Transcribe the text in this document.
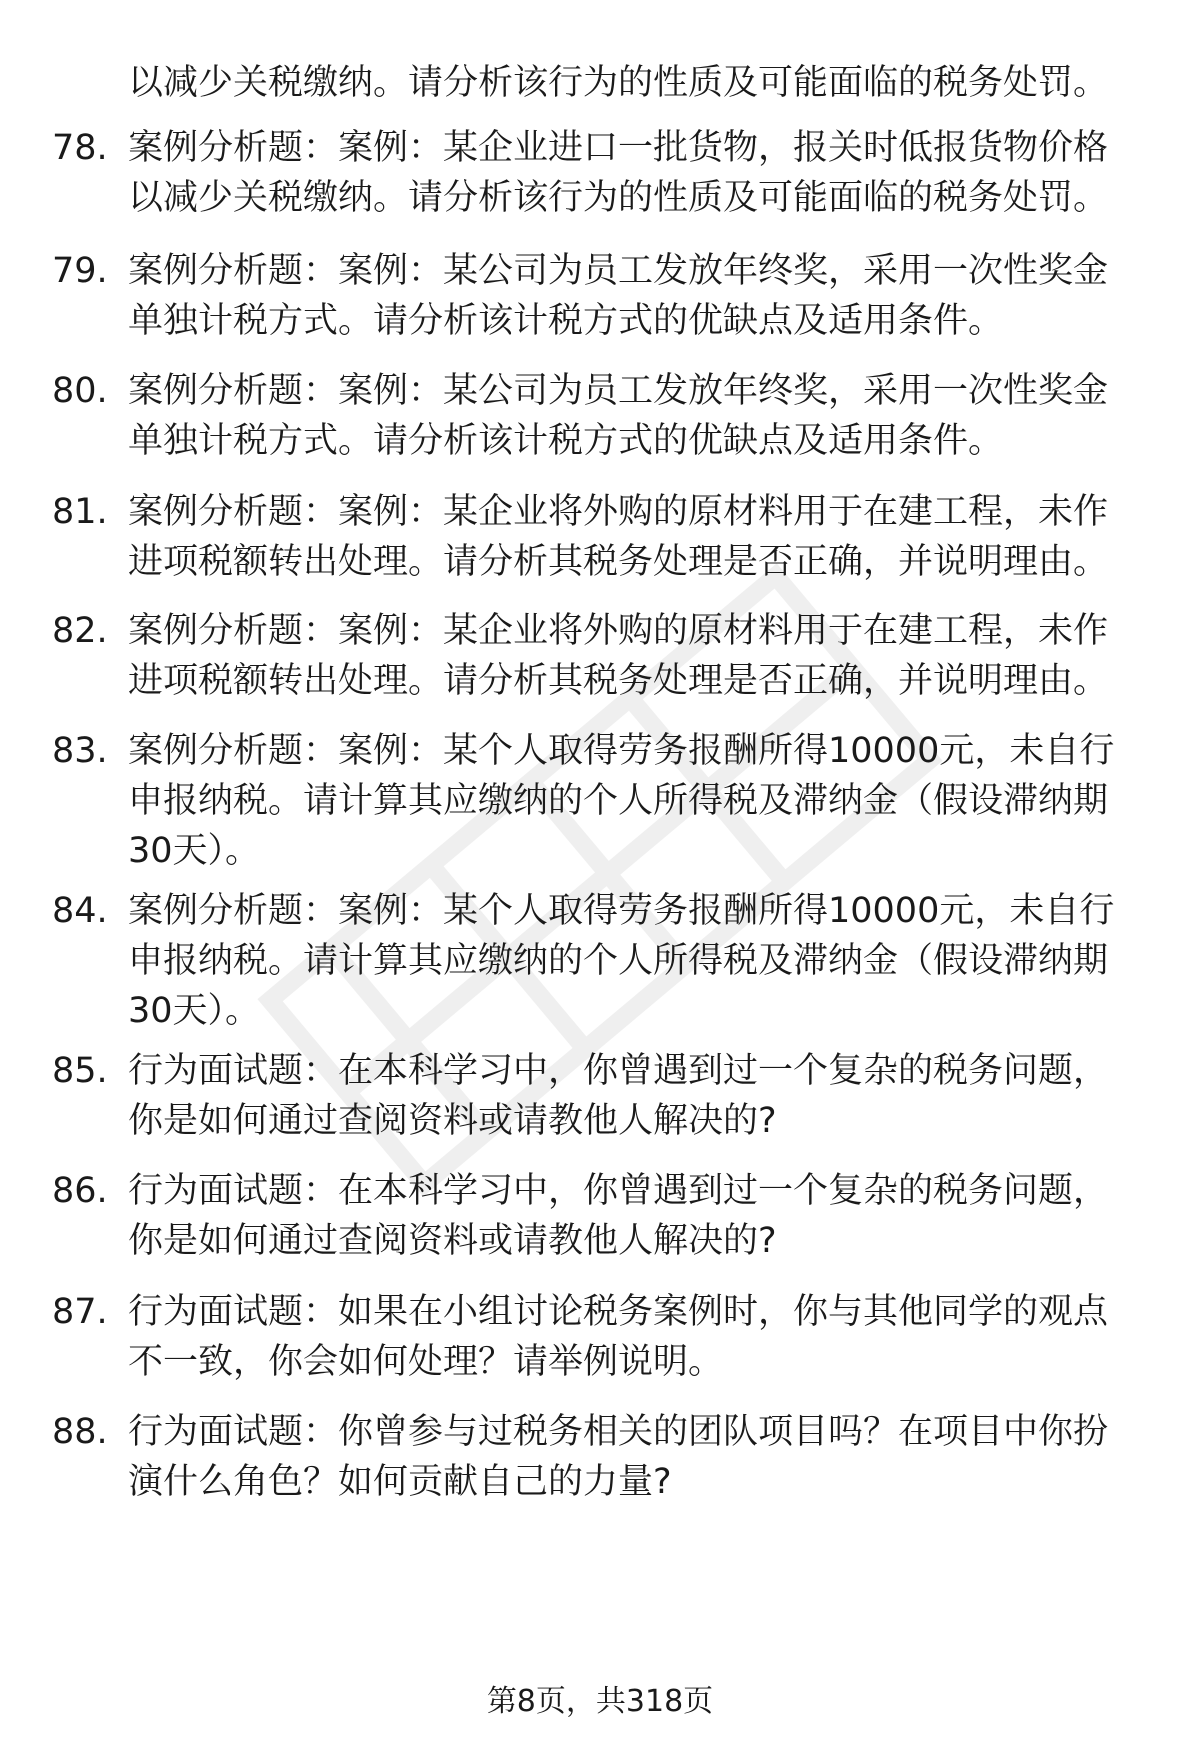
以减少关税缴纳。请分析该行为的性质及可能面临的税务处罚。
78. 案例分析题：案例：某企业进口一批货物，报关时低报货物价格
以减少关税缴纳。请分析该行为的性质及可能面临的税务处罚。
79. 案例分析题：案例：某公司为员工发放年终奖，采用一次性奖金
单独计税方式。请分析该计税方式的优缺点及适用条件。
80. 案例分析题：案例：某公司为员工发放年终奖，采用一次性奖金
单独计税方式。请分析该计税方式的优缺点及适用条件。
81. 案例分析题：案例：某企业将外购的原材料用于在建工程，未作
进项税额转出处理。请分析其税务处理是否正确，并说明理由。
82. 案例分析题：案例：某企业将外购的原材料用于在建工程，未作
进项税额转出处理。请分析其税务处理是否正确，并说明理由。
83. 案例分析题：案例：某个人取得劳务报酬所得10000元，未自行
申报纳税。请计算其应缴纳的个人所得税及滞纳金（假设滞纳期
30天）。
84. 案例分析题：案例：某个人取得劳务报酬所得10000元，未自行
申报纳税。请计算其应缴纳的个人所得税及滞纳金（假设滞纳期
30天）。
85. 行为面试题：在本科学习中，你曾遇到过一个复杂的税务问题，
你是如何通过查阅资料或请教他人解决的?
86. 行为面试题：在本科学习中，你曾遇到过一个复杂的税务问题，
你是如何通过查阅资料或请教他人解决的?
87. 行为面试题：如果在小组讨论税务案例时，你与其他同学的观点
不一致，你会如何处理？请举例说明。
88. 行为面试题：你曾参与过税务相关的团队项目吗？在项目中你扮
演什么角色？如何贡献自己的力量?
第8页，共318页
